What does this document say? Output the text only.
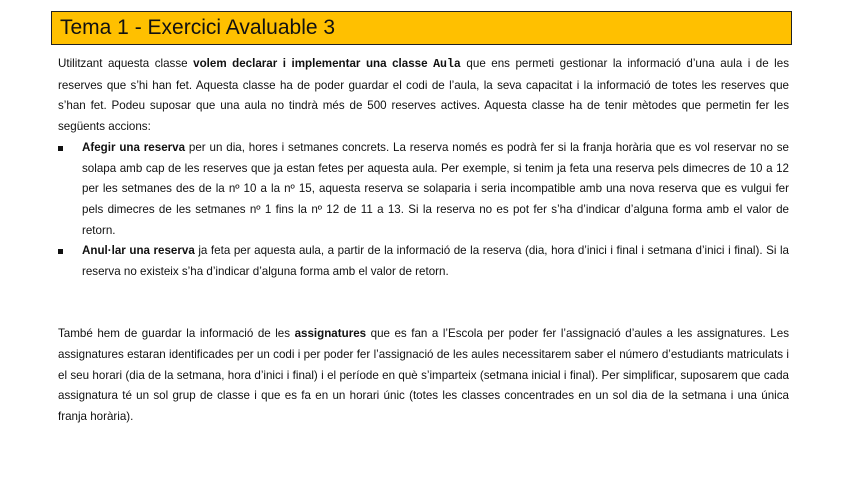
Tema 1 - Exercici Avaluable 3

Utilitzant aquesta classe volem declarar i implementar una classe Aula que ens permeti gestionar la informació d’una aula i de les reserves que s’hi han fet. Aquesta classe ha de poder guardar el codi de l’aula, la seva capacitat i la informació de totes les reserves que s’han fet. Podeu suposar que una aula no tindrà més de 500 reserves actives. Aquesta classe ha de tenir mètodes que permetin fer les següents accions:

Afegir una reserva per un dia, hores i setmanes concrets. La reserva només es podrà fer si la franja horària que es vol reservar no se solapa amb cap de les reserves que ja estan fetes per aquesta aula. Per exemple, si tenim ja feta una reserva pels dimecres de 10 a 12 per les setmanes des de la nº 10 a la nº 15, aquesta reserva se solaparia i seria incompatible amb una nova reserva que es vulgui fer pels dimecres de les setmanes nº 1 fins la nº 12 de 11 a 13. Si la reserva no es pot fer s’ha d’indicar d’alguna forma amb el valor de retorn.
Anul·lar una reserva ja feta per aquesta aula, a partir de la informació de la reserva (dia, hora d’inici i final i setmana d’inici i final). Si la reserva no existeix s’ha d’indicar d’alguna forma amb el valor de retorn.

També hem de guardar la informació de les assignatures que es fan a l’Escola per poder fer l’assignació d’aules a les assignatures. Les assignatures estaran identificades per un codi i per poder fer l’assignació de les aules necessitarem saber el número d’estudiants matriculats i el seu horari (dia de la setmana, hora d’inici i final) i el període en què s’imparteix (setmana inicial i final). Per simplificar, suposarem que cada assignatura té un sol grup de classe i que es fa en un horari únic (totes les classes concentrades en un sol dia de la setmana i una única franja horària).
